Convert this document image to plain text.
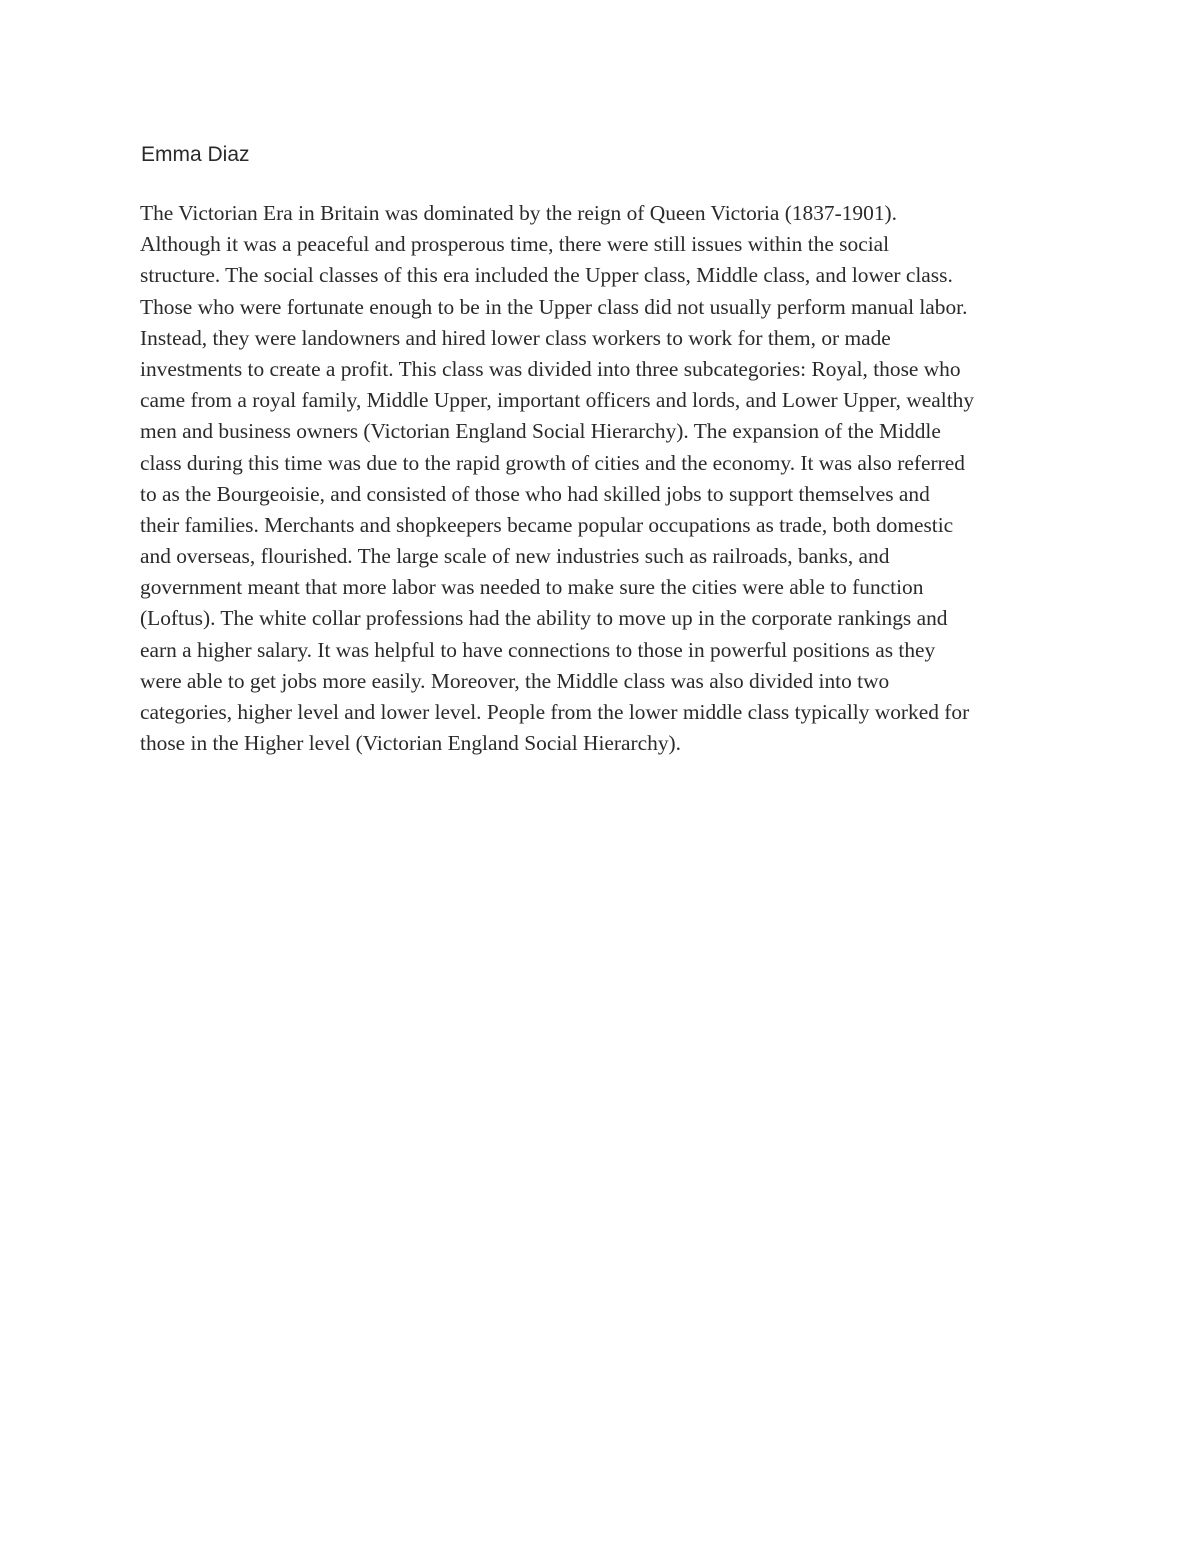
Emma Diaz
The Victorian Era in Britain was dominated by the reign of Queen Victoria (1837-1901).
Although it was a peaceful and prosperous time, there were still issues within the social
structure. The social classes of this era included the Upper class, Middle class, and lower class.
Those who were fortunate enough to be in the Upper class did not usually perform manual labor.
Instead, they were landowners and hired lower class workers to work for them, or made
investments to create a profit. This class was divided into three subcategories: Royal, those who
came from a royal family, Middle Upper, important officers and lords, and Lower Upper, wealthy
men and business owners (Victorian England Social Hierarchy). The expansion of the Middle
class during this time was due to the rapid growth of cities and the economy. It was also referred
to as the Bourgeoisie, and consisted of those who had skilled jobs to support themselves and
their families. Merchants and shopkeepers became popular occupations as trade, both domestic
and overseas, flourished. The large scale of new industries such as railroads, banks, and
government meant that more labor was needed to make sure the cities were able to function
(Loftus). The white collar professions had the ability to move up in the corporate rankings and
earn a higher salary. It was helpful to have connections to those in powerful positions as they
were able to get jobs more easily. Moreover, the Middle class was also divided into two
categories, higher level and lower level. People from the lower middle class typically worked for
those in the Higher level (Victorian England Social Hierarchy).
